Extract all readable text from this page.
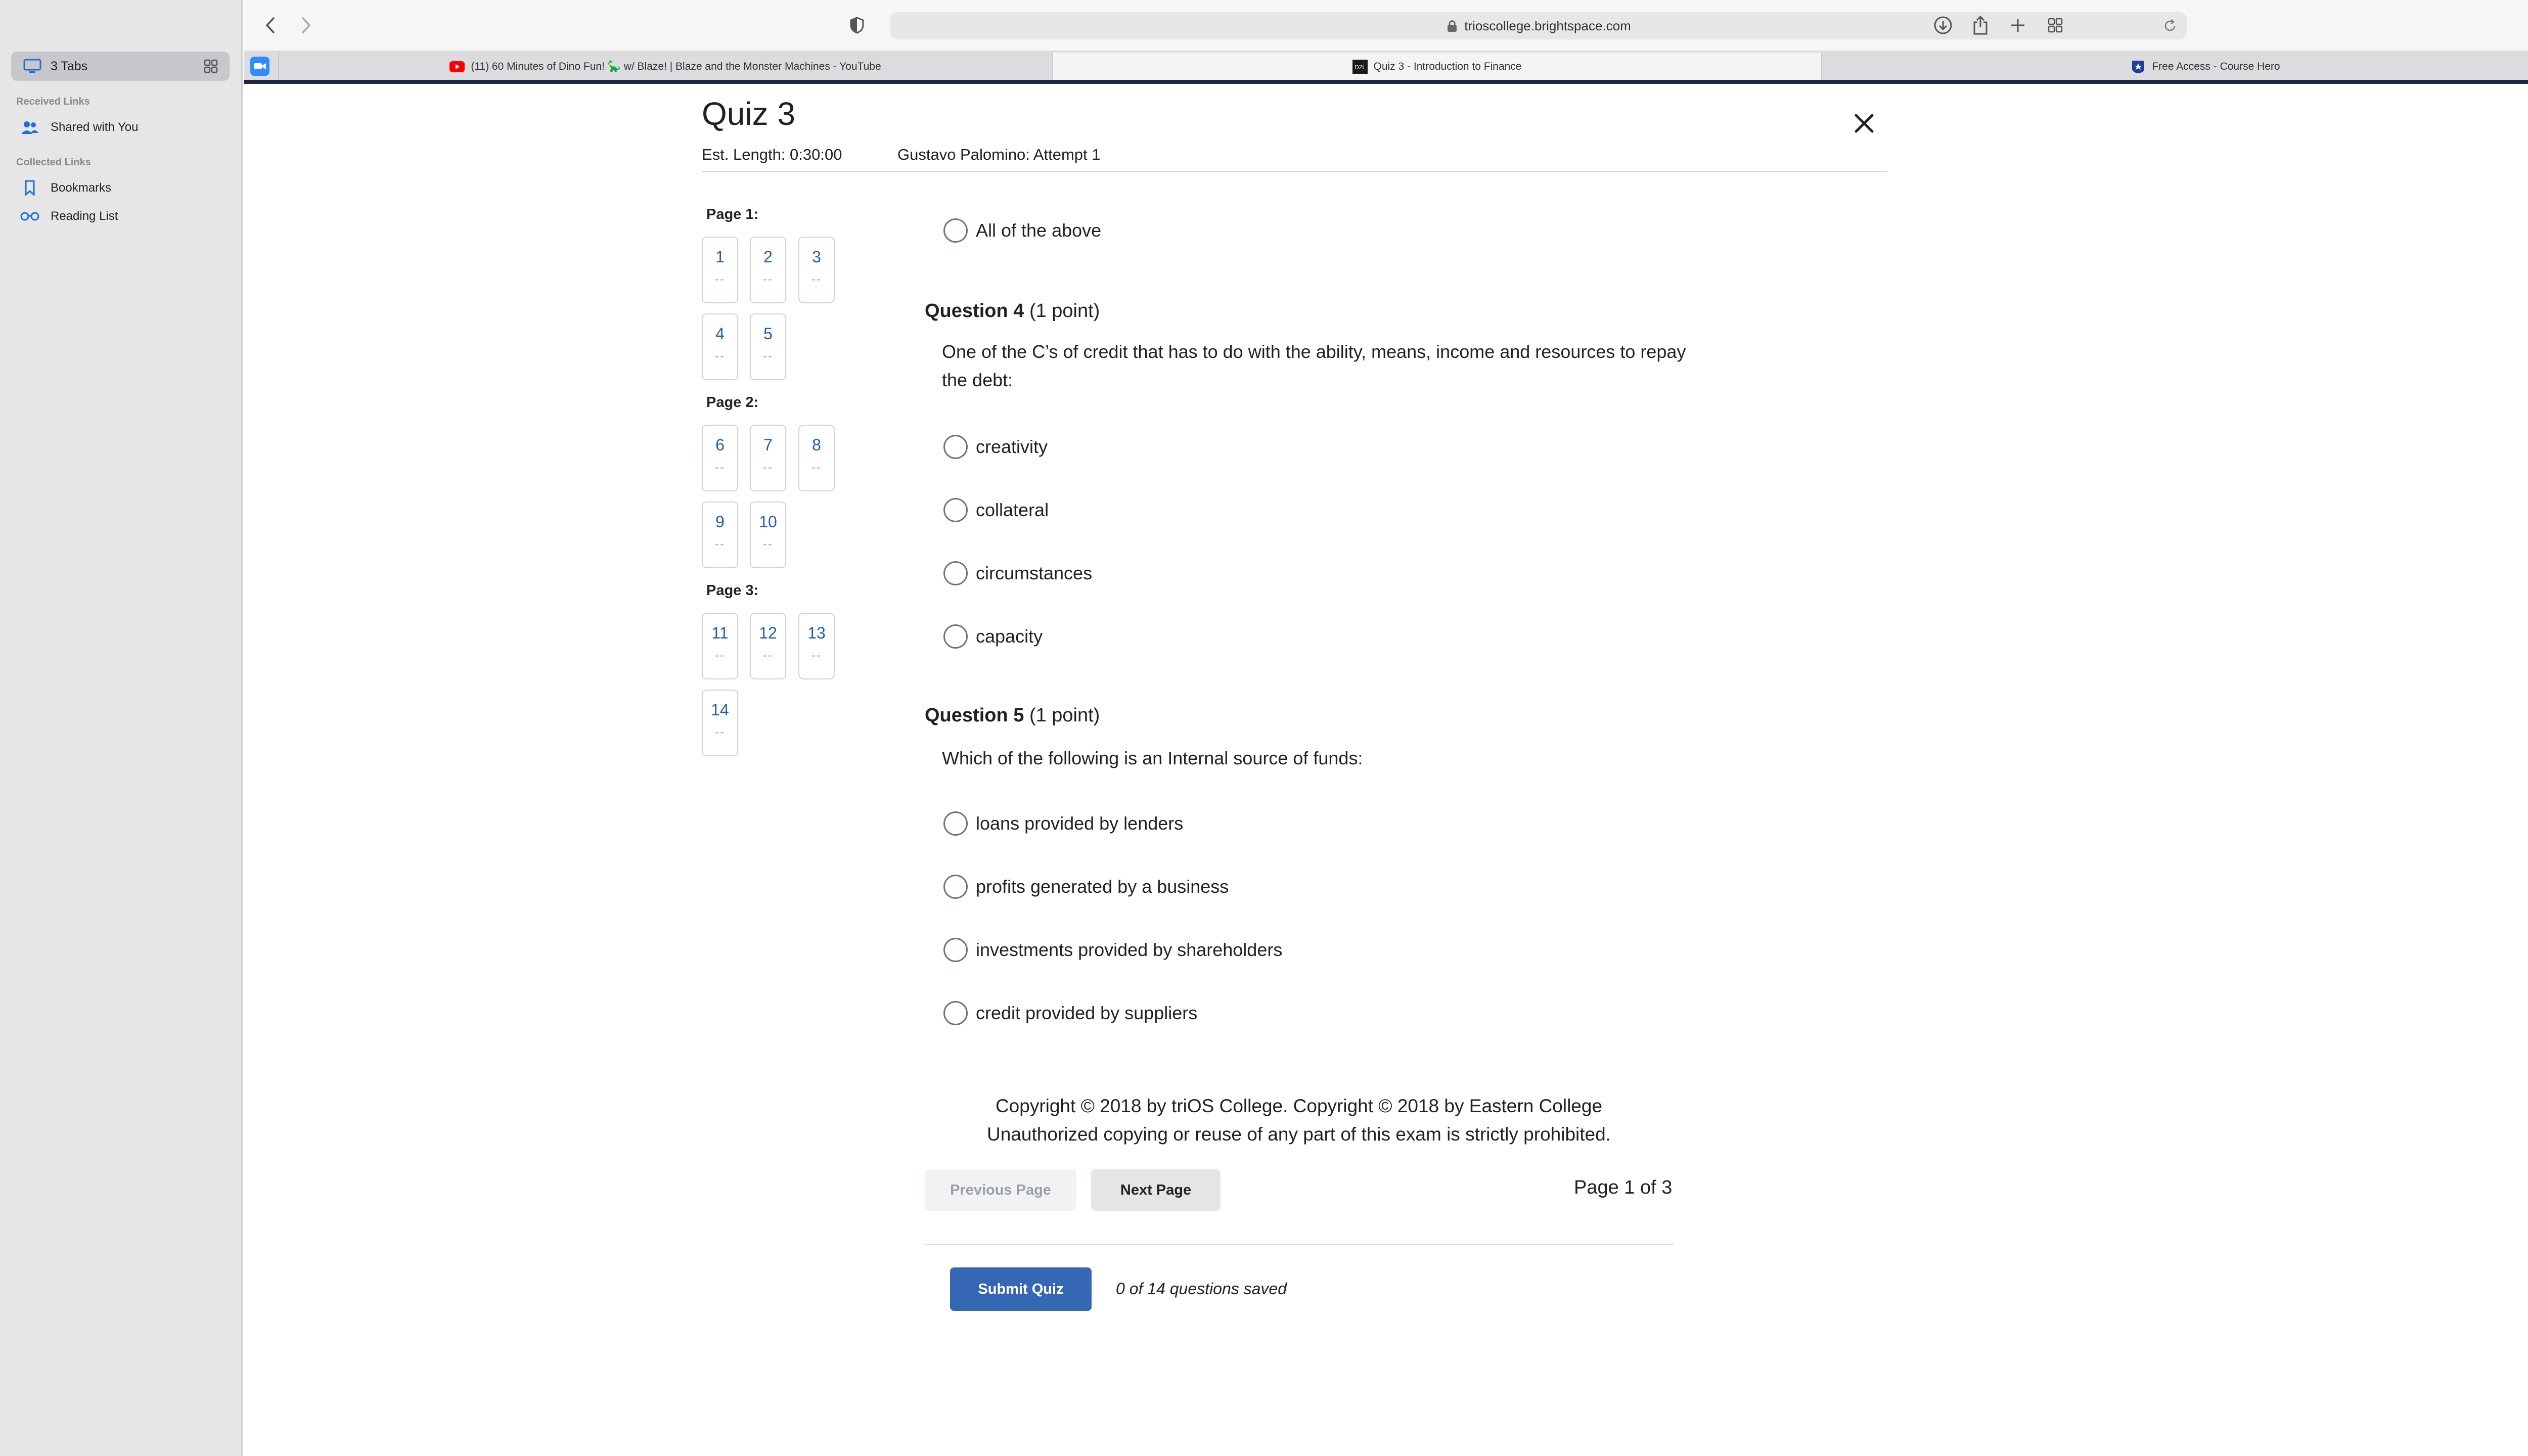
3 Tabs
Received Links
Shared with You
Collected Links
Bookmarks
Reading List
trioscollege.brightspace.com
(11) 60 Minutes of Dino Fun! 🦕 w/ Blaze! | Blaze and the Monster Machines - YouTube	D2L Quiz 3 - Introduction to Finance	Free Access - Course Hero
Quiz 3
Est. Length: 0:30:00	Gustavo Palomino: Attempt 1
Page 1:
1
--
2
--
3
--
4
--
5
--
Page 2:
6
--
7
--
8
--
9
--
10
--
Page 3:
11
--
12
--
13
--
14
--
All of the above
Question 4 (1 point)
One of the C’s of credit that has to do with the ability, means, income and resources to repay the debt:
creativity
collateral
circumstances
capacity
Question 5 (1 point)
Which of the following is an Internal source of funds:
loans provided by lenders
profits generated by a business
investments provided by shareholders
credit provided by suppliers
Copyright © 2018 by triOS College. Copyright © 2018 by Eastern College
Unauthorized copying or reuse of any part of this exam is strictly prohibited.
Previous Page	Next Page	Page 1 of 3
Submit Quiz	0 of 14 questions saved
